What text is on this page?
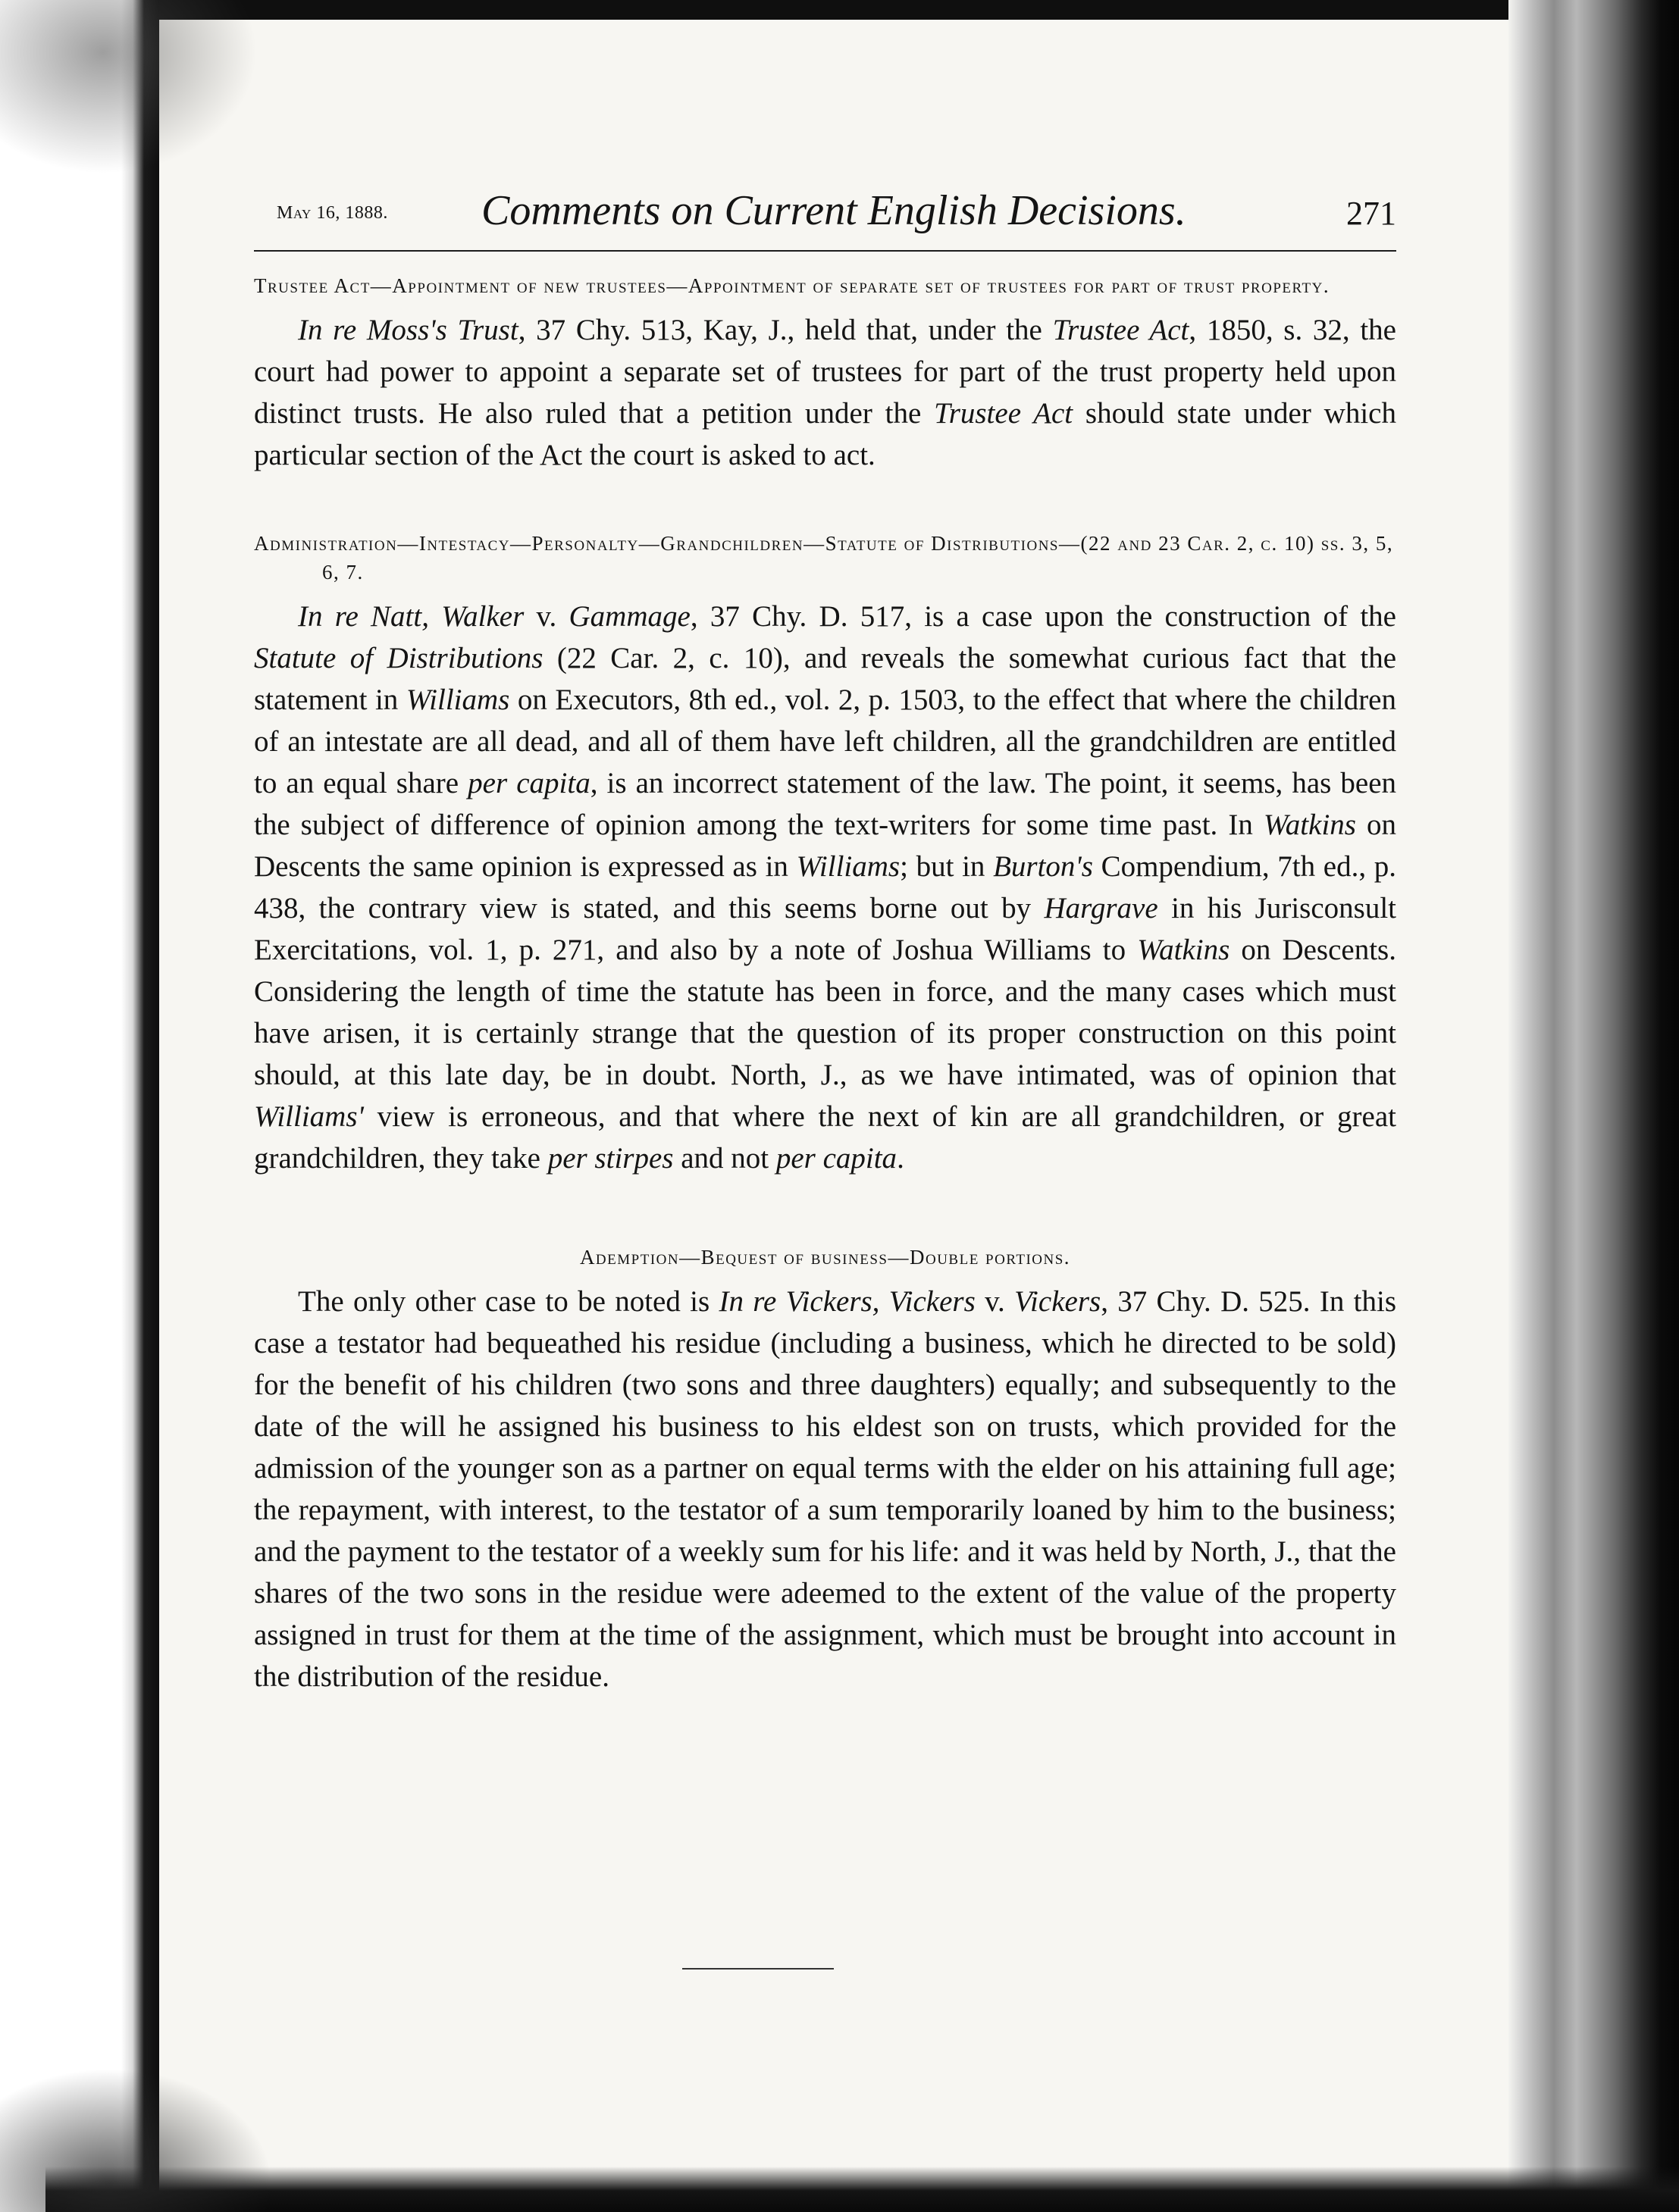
May 16, 1888. Comments on Current English Decisions.	271

Trustee Act—Appointment of new trustees—Appointment of separate set of trustees for part of trust property.

In re Moss's Trust, 37 Chy. 513, Kay, J., held that, under the Trustee Act, 1850, s. 32, the court had power to appoint a separate set of trustees for part of the trust property held upon distinct trusts. He also ruled that a petition under the Trustee Act should state under which particular section of the Act the court is asked to act.

Administration—Intestacy—Personalty—Grandchildren—Statute of Distributions—(22 and 23 Car. 2, c. 10) ss. 3, 5, 6, 7.

In re Natt, Walker v. Gammage, 37 Chy. D. 517, is a case upon the construction of the Statute of Distributions (22 Car. 2, c. 10), and reveals the somewhat curious fact that the statement in Williams on Executors, 8th ed., vol. 2, p. 1503, to the effect that where the children of an intestate are all dead, and all of them have left children, all the grandchildren are entitled to an equal share per capita, is an incorrect statement of the law. The point, it seems, has been the subject of difference of opinion among the text-writers for some time past. In Watkins on Descents the same opinion is expressed as in Williams; but in Burton's Compendium, 7th ed., p. 438, the contrary view is stated, and this seems borne out by Hargrave in his Jurisconsult Exercitations, vol. 1, p. 271, and also by a note of Joshua Williams to Watkins on Descents. Considering the length of time the statute has been in force, and the many cases which must have arisen, it is certainly strange that the question of its proper construction on this point should, at this late day, be in doubt. North, J., as we have intimated, was of opinion that Williams' view is erroneous, and that where the next of kin are all grandchildren, or great grandchildren, they take per stirpes and not per capita.

Ademption—Bequest of business—Double portions.

The only other case to be noted is In re Vickers, Vickers v. Vickers, 37 Chy. D. 525. In this case a testator had bequeathed his residue (including a business, which he directed to be sold) for the benefit of his children (two sons and three daughters) equally; and subsequently to the date of the will he assigned his business to his eldest son on trusts, which provided for the admission of the younger son as a partner on equal terms with the elder on his attaining full age; the repayment, with interest, to the testator of a sum temporarily loaned by him to the business; and the payment to the testator of a weekly sum for his life: and it was held by North, J., that the shares of the two sons in the residue were adeemed to the extent of the value of the property assigned in trust for them at the time of the assignment, which must be brought into account in the distribution of the residue.
